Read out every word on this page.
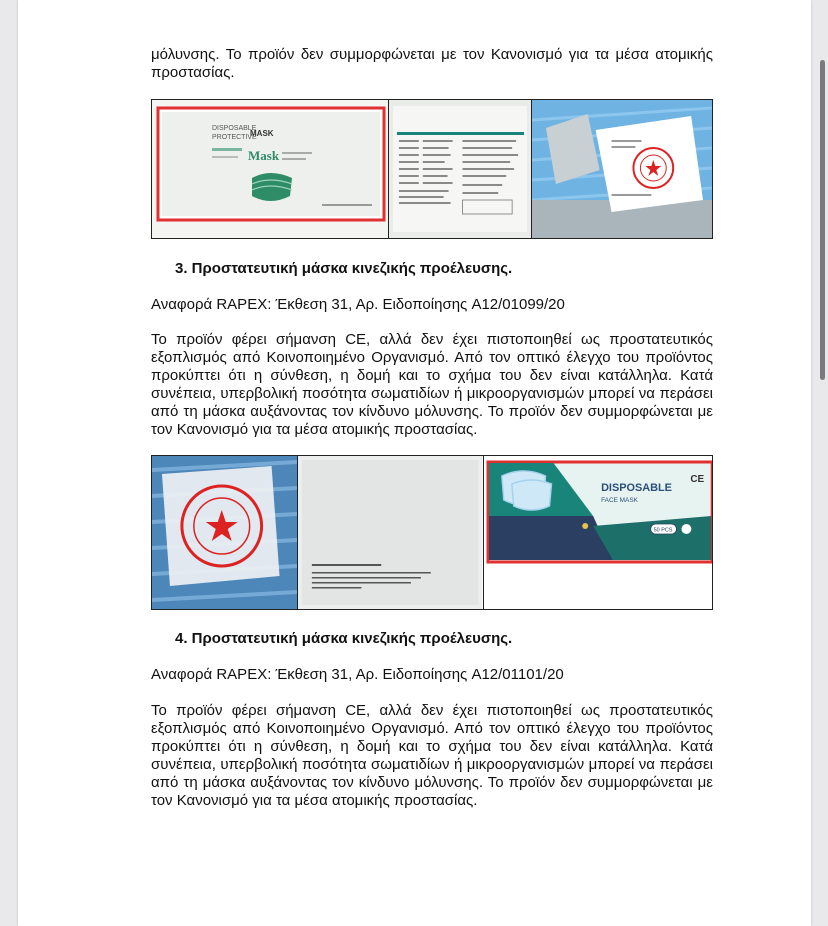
μόλυνσης. Το προϊόν δεν συμμορφώνεται με τον Κανονισμό για τα μέσα ατομικής προστασίας.

DISPOSABLE
PROTECTIVE
MASK
Mask

3. Προστατευτική μάσκα κινεζικής προέλευσης.

Αναφορά RAPEX: Έκθεση 31, Αρ. Ειδοποίησης A12/01099/20

Το προϊόν φέρει σήμανση CE, αλλά δεν έχει πιστοποιηθεί ως προστατευτικός εξοπλισμός από Κοινοποιημένο Οργανισμό. Από τον οπτικό έλεγχο του προϊόντος προκύπτει ότι η σύνθεση, η δομή και το σχήμα του δεν είναι κατάλληλα. Κατά συνέπεια, υπερβολική ποσότητα σωματιδίων ή μικροοργανισμών μπορεί να περάσει από τη μάσκα αυξάνοντας τον κίνδυνο μόλυνσης. Το προϊόν δεν συμμορφώνεται με τον Κανονισμό για τα μέσα ατομικής προστασίας.

DISPOSABLE
FACE MASK
CE
50 PCS

4. Προστατευτική μάσκα κινεζικής προέλευσης.

Αναφορά RAPEX: Έκθεση 31, Αρ. Ειδοποίησης A12/01101/20

Το προϊόν φέρει σήμανση CE, αλλά δεν έχει πιστοποιηθεί ως προστατευτικός εξοπλισμός από Κοινοποιημένο Οργανισμό. Από τον οπτικό έλεγχο του προϊόντος προκύπτει ότι η σύνθεση, η δομή και το σχήμα του δεν είναι κατάλληλα. Κατά συνέπεια, υπερβολική ποσότητα σωματιδίων ή μικροοργανισμών μπορεί να περάσει από τη μάσκα αυξάνοντας τον κίνδυνο μόλυνσης. Το προϊόν δεν συμμορφώνεται με τον Κανονισμό για τα μέσα ατομικής προστασίας.
